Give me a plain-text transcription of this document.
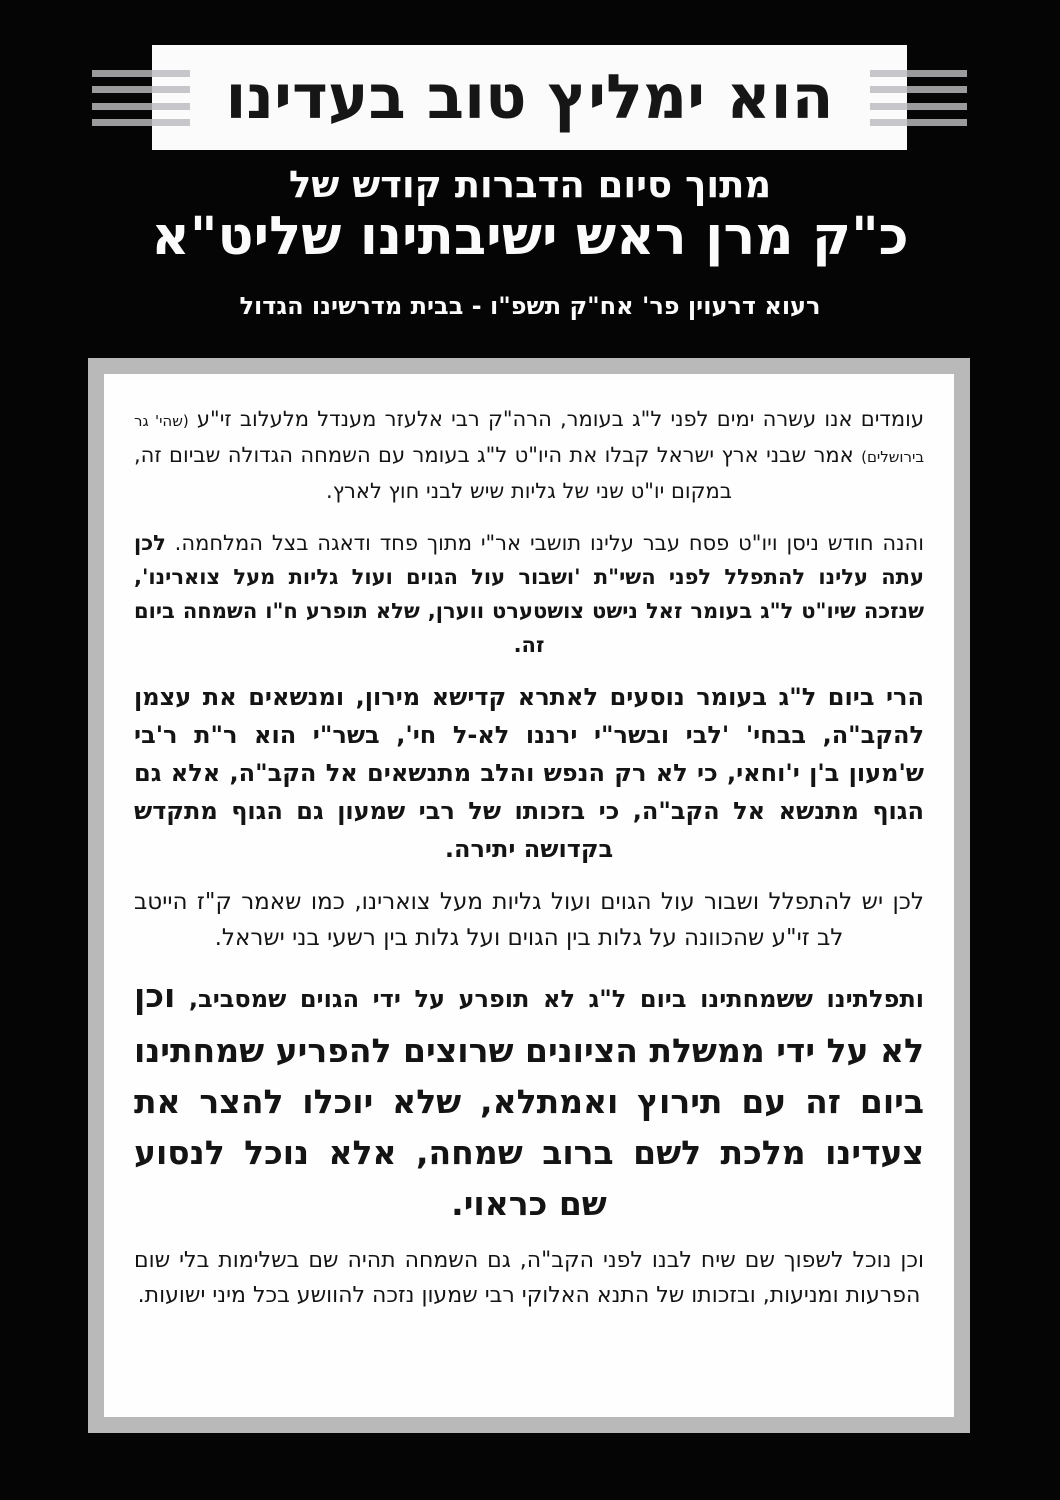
הוא ימליץ טוב בעדינו
מתוך סיום הדברות קודש של
כ"ק מרן ראש ישיבתינו שליט"א
רעוא דרעוין פר' אח"ק תשפ"ו - בבית מדרשינו הגדול

עומדים אנו עשרה ימים לפני ל"ג בעומר, הרה"ק רבי אלעזר מענדל מלעלוב זי"ע (שהי' גר בירושלים) אמר שבני ארץ ישראל קבלו את היו"ט ל"ג בעומר עם השמחה הגדולה שביום זה, במקום יו"ט שני של גליות שיש לבני חוץ לארץ.

והנה חודש ניסן ויו"ט פסח עבר עלינו תושבי אר"י מתוך פחד ודאגה בצל המלחמה. לכן עתה עלינו להתפלל לפני השי"ת 'ושבור עול הגוים ועול גליות מעל צוארינו', שנזכה שיו"ט ל"ג בעומר זאל נישט צושטערט ווערן, שלא תופרע ח"ו השמחה ביום זה.

הרי ביום ל"ג בעומר נוסעים לאתרא קדישא מירון, ומנשאים את עצמן להקב"ה, בבחי' 'לבי ובשר"י ירננו לא-ל חי', בשר"י הוא ר"ת ר'בי ש'מעון ב'ן י'וחאי, כי לא רק הנפש והלב מתנשאים אל הקב"ה, אלא גם הגוף מתנשא אל הקב"ה, כי בזכותו של רבי שמעון גם הגוף מתקדש בקדושה יתירה.

לכן יש להתפלל ושבור עול הגוים ועול גליות מעל צוארינו, כמו שאמר ק"ז הייטב לב זי"ע שהכוונה על גלות בין הגוים ועל גלות בין רשעי בני ישראל.

ותפלתינו ששמחתינו ביום ל"ג לא תופרע על ידי הגוים שמסביב, וכן לא על ידי ממשלת הציונים שרוצים להפריע שמחתינו ביום זה עם תירוץ ואמתלא, שלא יוכלו להצר את צעדינו מלכת לשם ברוב שמחה, אלא נוכל לנסוע שם כראוי.

וכן נוכל לשפוך שם שיח לבנו לפני הקב"ה, גם השמחה תהיה שם בשלימות בלי שום הפרעות ומניעות, ובזכותו של התנא האלוקי רבי שמעון נזכה להוושע בכל מיני ישועות.
